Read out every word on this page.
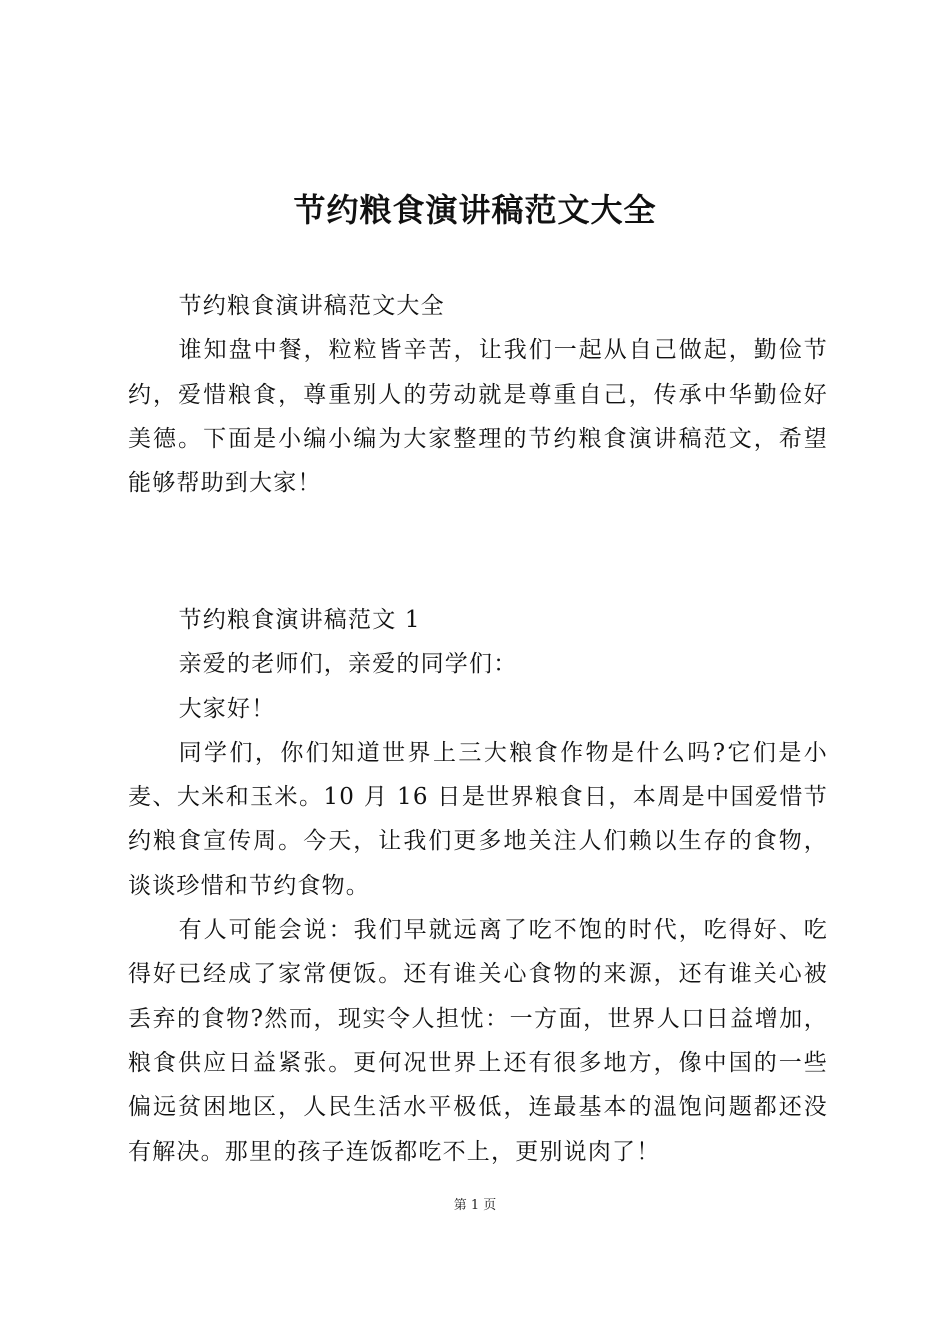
节约粮食演讲稿范文大全

节约粮食演讲稿范文大全

谁知盘中餐，粒粒皆辛苦，让我们一起从自己做起，勤俭节约，爱惜粮食，尊重别人的劳动就是尊重自己，传承中华勤俭好美德。下面是小编小编为大家整理的节约粮食演讲稿范文，希望能够帮助到大家！

节约粮食演讲稿范文 1

亲爱的老师们，亲爱的同学们：

大家好！

同学们，你们知道世界上三大粮食作物是什么吗?它们是小麦、大米和玉米。10 月 16 日是世界粮食日，本周是中国爱惜节约粮食宣传周。今天，让我们更多地关注人们赖以生存的食物，谈谈珍惜和节约食物。

有人可能会说：我们早就远离了吃不饱的时代，吃得好、吃得好已经成了家常便饭。还有谁关心食物的来源，还有谁关心被丢弃的食物?然而，现实令人担忧：一方面，世界人口日益增加，粮食供应日益紧张。更何况世界上还有很多地方，像中国的一些偏远贫困地区，人民生活水平极低，连最基本的温饱问题都还没有解决。那里的孩子连饭都吃不上，更别说肉了！

第 1 页
